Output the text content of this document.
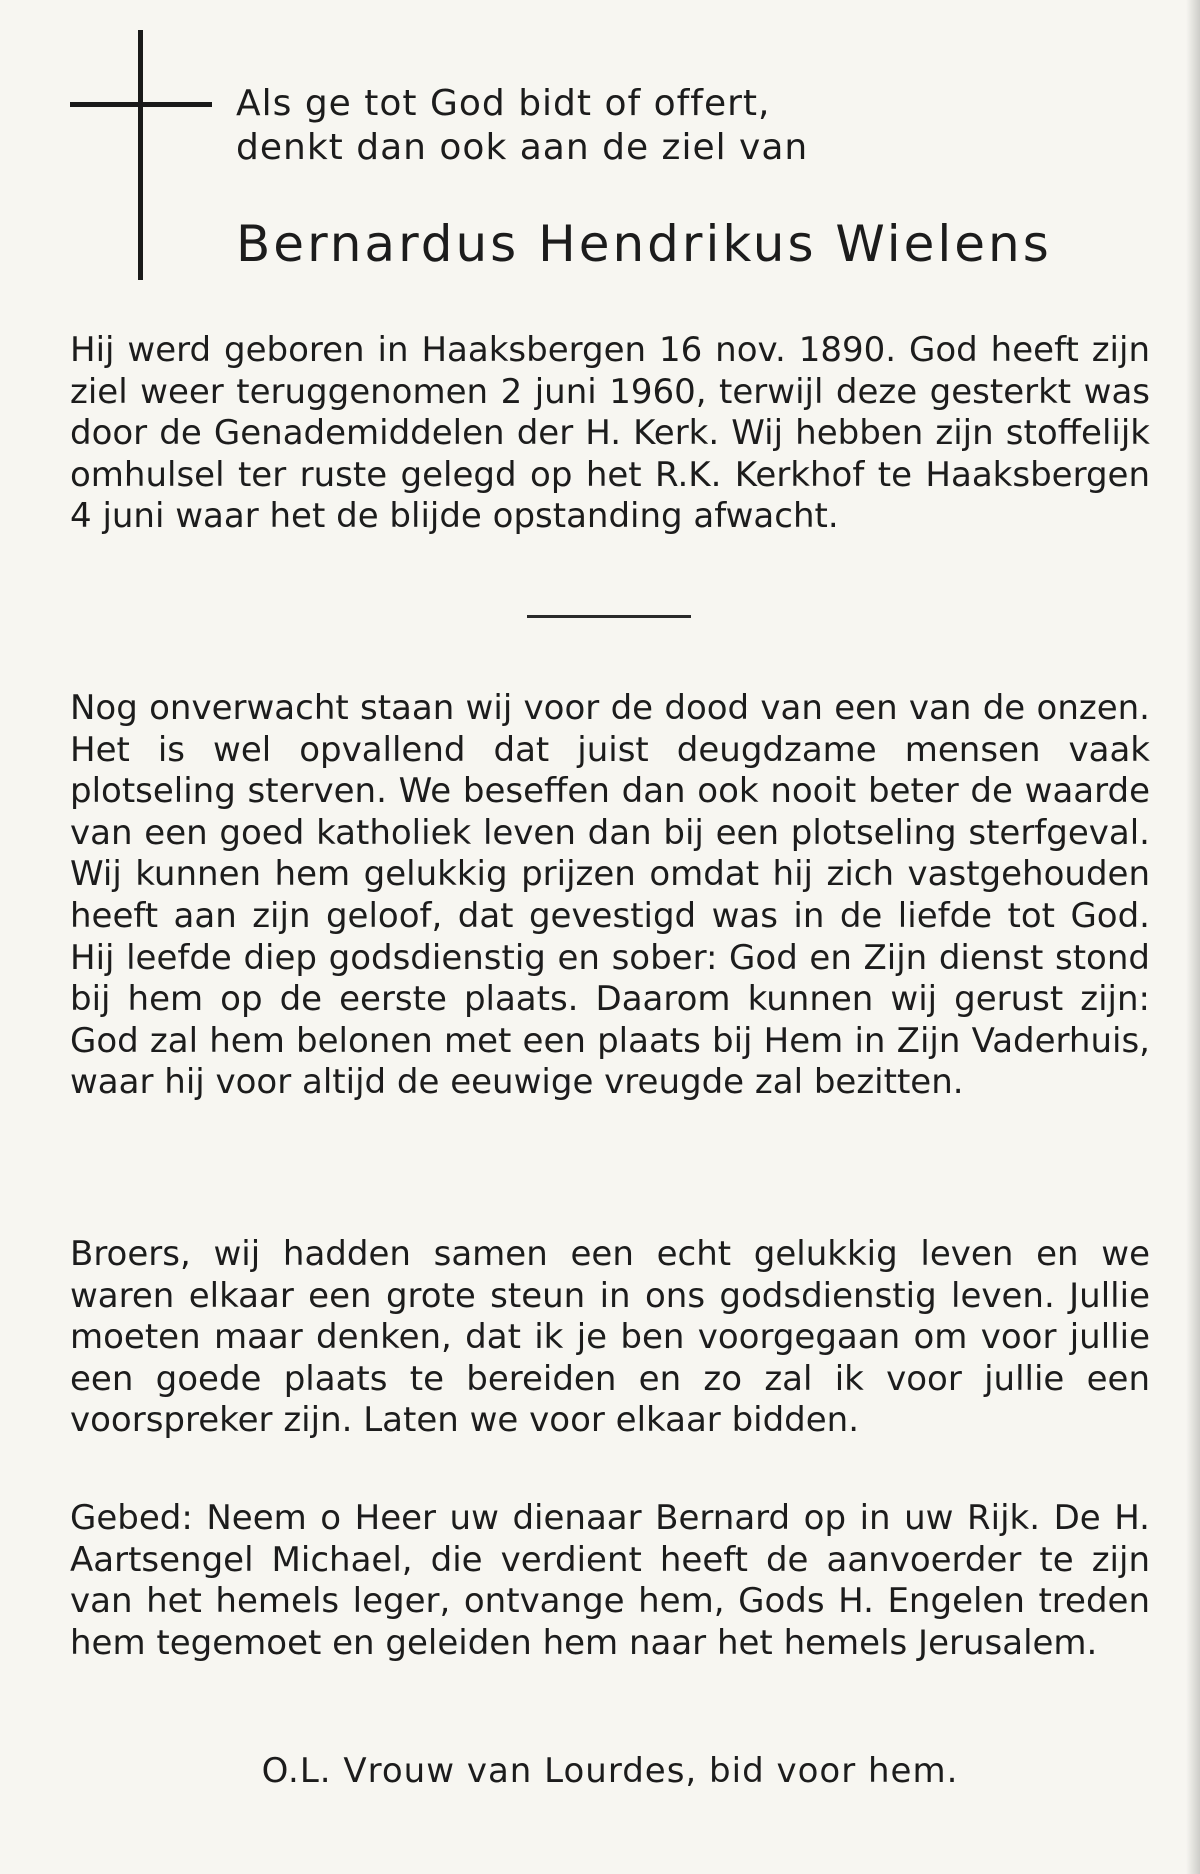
Als ge tot God bidt of offert,
denkt dan ook aan de ziel van
Bernardus Hendrikus Wielens
Hij werd geboren in Haaksbergen 16 nov. 1890. God heeft zijn ziel weer teruggenomen 2 juni 1960, terwijl deze gesterkt was door de Genademiddelen der H. Kerk. Wij hebben zijn stoffelijk omhulsel ter ruste gelegd op het R.K. Kerkhof te Haaksbergen 4 juni waar het de blijde opstanding afwacht.
Nog onverwacht staan wij voor de dood van een van de onzen. Het is wel opvallend dat juist deugdzame mensen vaak plotseling sterven. We beseffen dan ook nooit beter de waarde van een goed katholiek leven dan bij een plotseling sterfgeval. Wij kunnen hem gelukkig prijzen omdat hij zich vastgehouden heeft aan zijn geloof, dat gevestigd was in de liefde tot God. Hij leefde diep godsdienstig en sober: God en Zijn dienst stond bij hem op de eerste plaats. Daarom kunnen wij gerust zijn: God zal hem belonen met een plaats bij Hem in Zijn Vaderhuis, waar hij voor altijd de eeuwige vreugde zal bezitten.
Broers, wij hadden samen een echt gelukkig leven en we waren elkaar een grote steun in ons godsdienstig leven. Jullie moeten maar denken, dat ik je ben voorgegaan om voor jullie een goede plaats te bereiden en zo zal ik voor jullie een voorspreker zijn. Laten we voor elkaar bidden.
Gebed: Neem o Heer uw dienaar Bernard op in uw Rijk. De H. Aartsengel Michael, die verdient heeft de aanvoerder te zijn van het hemels leger, ontvange hem, Gods H. Engelen treden hem tegemoet en geleiden hem naar het hemels Jerusalem.
O.L. Vrouw van Lourdes, bid voor hem.
